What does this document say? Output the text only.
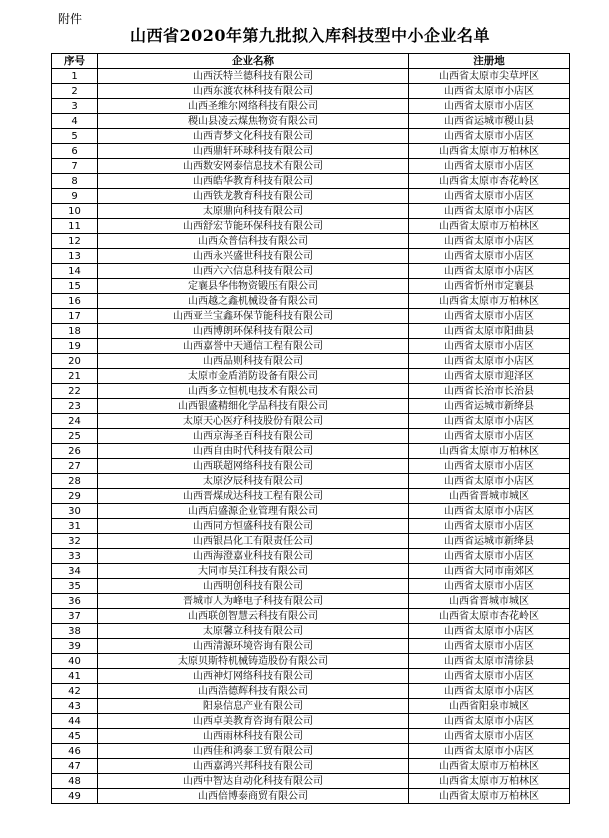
附件
山西省2020年第九批拟入库科技型中小企业名单
序号	企业名称	注册地
1	山西沃特兰德科技有限公司	山西省太原市尖草坪区
2	山西东渡农林科技有限公司	山西省太原市小店区
3	山西圣维尔网络科技有限公司	山西省太原市小店区
4	稷山县凌云煤焦物资有限公司	山西省运城市稷山县
5	山西青梦文化科技有限公司	山西省太原市小店区
6	山西鼎轩环球科技有限公司	山西省太原市万柏林区
7	山西数安网泰信息技术有限公司	山西省太原市小店区
8	山西皓华教育科技有限公司	山西省太原市杏花岭区
9	山西铁龙教育科技有限公司	山西省太原市小店区
10	太原鼎向科技有限公司	山西省太原市小店区
11	山西舒宏节能环保科技有限公司	山西省太原市万柏林区
12	山西众普信科技有限公司	山西省太原市小店区
13	山西永兴盛世科技有限公司	山西省太原市小店区
14	山西六六信息科技有限公司	山西省太原市小店区
15	定襄县华伟物资锻压有限公司	山西省忻州市定襄县
16	山西越之鑫机械设备有限公司	山西省太原市万柏林区
17	山西亚兰宝鑫环保节能科技有限公司	山西省太原市小店区
18	山西博朗环保科技有限公司	山西省太原市阳曲县
19	山西嘉誉中天通信工程有限公司	山西省太原市小店区
20	山西品则科技有限公司	山西省太原市小店区
21	太原市金盾消防设备有限公司	山西省太原市迎泽区
22	山西多立恒机电技术有限公司	山西省长治市长治县
23	山西银盛精细化学品科技有限公司	山西省运城市新绛县
24	太原天心医疗科技股份有限公司	山西省太原市小店区
25	山西京海圣百科技有限公司	山西省太原市小店区
26	山西自由时代科技有限公司	山西省太原市万柏林区
27	山西联超网络科技有限公司	山西省太原市小店区
28	太原汐辰科技有限公司	山西省太原市小店区
29	山西晋煤成达科技工程有限公司	山西省晋城市城区
30	山西启盛源企业管理有限公司	山西省太原市小店区
31	山西同方恒盛科技有限公司	山西省太原市小店区
32	山西银昌化工有限责任公司	山西省运城市新绛县
33	山西海澄嘉业科技有限公司	山西省太原市小店区
34	大同市昊江科技有限公司	山西省大同市南郊区
35	山西明创科技有限公司	山西省太原市小店区
36	晋城市人为峰电子科技有限公司	山西省晋城市城区
37	山西联创智慧云科技有限公司	山西省太原市杏花岭区
38	太原馨立科技有限公司	山西省太原市小店区
39	山西清源环境咨询有限公司	山西省太原市小店区
40	太原贝斯特机械铸造股份有限公司	山西省太原市清徐县
41	山西神灯网络科技有限公司	山西省太原市小店区
42	山西浩德辉科技有限公司	山西省太原市小店区
43	阳泉信息产业有限公司	山西省阳泉市城区
44	山西卓美教育咨询有限公司	山西省太原市小店区
45	山西雨林科技有限公司	山西省太原市小店区
46	山西佳和鸿泰工贸有限公司	山西省太原市小店区
47	山西嘉鸿兴邦科技有限公司	山西省太原市万柏林区
48	山西中智达自动化科技有限公司	山西省太原市万柏林区
49	山西倍博泰商贸有限公司	山西省太原市万柏林区
